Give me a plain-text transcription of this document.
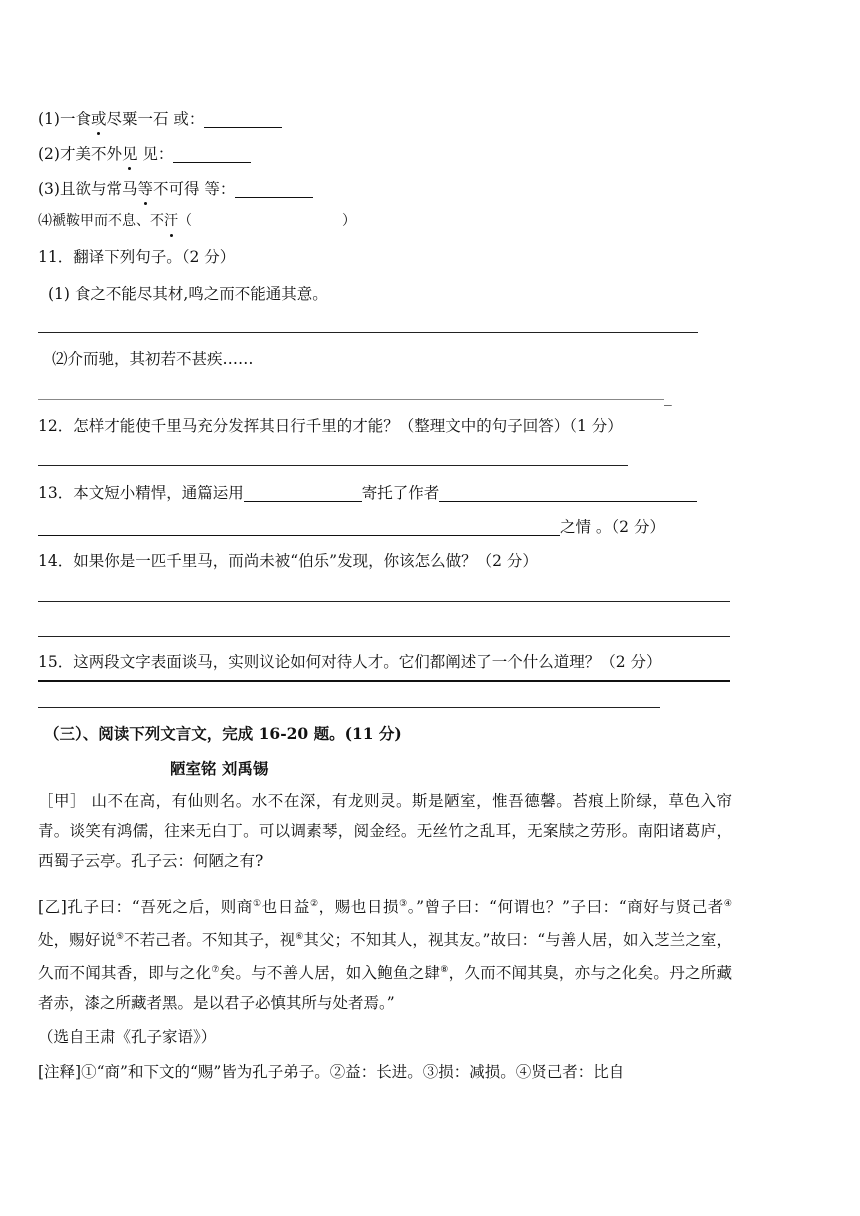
(1)一食或尽粟一石 或：
(2)才美不外见 见：
(3)且欲与常马等不可得 等：
⑷褫鞍甲而不息、不汗（	）
11．翻译下列句子。（2 分）
(1) 食之不能尽其材,鸣之而不能通其意。
⑵介而驰，其初若不甚疾……
_
12．怎样才能使千里马充分发挥其日行千里的才能？（整理文中的句子回答）（1 分）
13．本文短小精悍，通篇运用	寄托了作者
之情 。（2 分）
14．如果你是一匹千里马，而尚未被“伯乐”发现，你该怎么做？（2 分）
15．这两段文字表面谈马，实则议论如何对待人才。它们都阐述了一个什么道理？（2 分）
（三）、阅读下列文言文，完成 16-20 题。(11 分)
陋室铭 刘禹锡
［甲］ 山不在高，有仙则名。水不在深，有龙则灵。斯是陋室，惟吾德馨。苔痕上阶绿，草色入帘青。谈笑有鸿儒，往来无白丁。可以调素琴，阅金经。无丝竹之乱耳，无案牍之劳形。南阳诸葛庐，西蜀子云亭。孔子云：何陋之有?
[乙]孔子曰：“吾死之后，则商①也日益②，赐也日损③。”曾子曰：“何谓也？”子曰：“商好与贤己者④处，赐好说⑤不若己者。不知其子，视⑥其父；不知其人，视其友。”故曰：“与善人居，如入芝兰之室，久而不闻其香，即与之化⑦矣。与不善人居，如入鲍鱼之肆⑧，久而不闻其臭，亦与之化矣。丹之所藏者赤，漆之所藏者黑。是以君子必慎其所与处者焉。”
（选自王肃《孔子家语》）
[注释]①“商”和下文的“赐”皆为孔子弟子。②益：长进。③损：减损。④贤己者：比自
